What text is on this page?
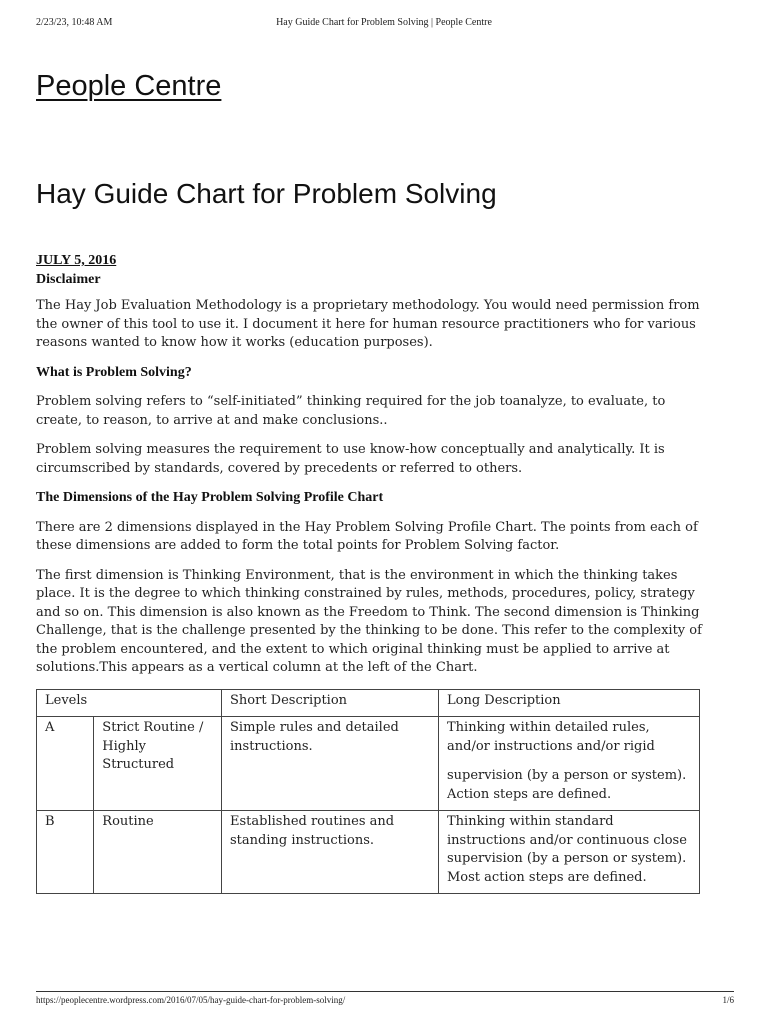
2/23/23, 10:48 AM	Hay Guide Chart for Problem Solving | People Centre
People Centre
Hay Guide Chart for Problem Solving
JULY 5, 2016
Disclaimer

The Hay Job Evaluation Methodology is a proprietary methodology. You would need permission from the owner of this tool to use it. I document it here for human resource practitioners who for various reasons wanted to know how it works (education purposes).

What is Problem Solving?

Problem solving refers to “self-initiated” thinking required for the job toanalyze, to evaluate, to create, to reason, to arrive at and make conclusions..

Problem solving measures the requirement to use know-how conceptually and analytically. It is circumscribed by standards, covered by precedents or referred to others.

The Dimensions of the Hay Problem Solving Profile Chart

There are 2 dimensions displayed in the Hay Problem Solving Profile Chart. The points from each of these dimensions are added to form the total points for Problem Solving factor.

The first dimension is Thinking Environment, that is the environment in which the thinking takes place. It is the degree to which thinking constrained by rules, methods, procedures, policy, strategy and so on. This dimension is also known as the Freedom to Think. The second dimension is Thinking Challenge, that is the challenge presented by the thinking to be done. This refer to the complexity of the problem encountered, and the extent to which original thinking must be applied to arrive at solutions.This appears as a vertical column at the left of the Chart.

Levels		Short Description	Long Description
A	Strict Routine / Highly Structured	Simple rules and detailed instructions.	Thinking within detailed rules, and/or instructions and/or rigid
supervision (by a person or system). Action steps are defined.

B	Routine	Established routines and standing instructions.	Thinking within standard instructions and/or continuous close supervision (by a person or system). Most action steps are defined.
https://peoplecentre.wordpress.com/2016/07/05/hay-guide-chart-for-problem-solving/	1/6
